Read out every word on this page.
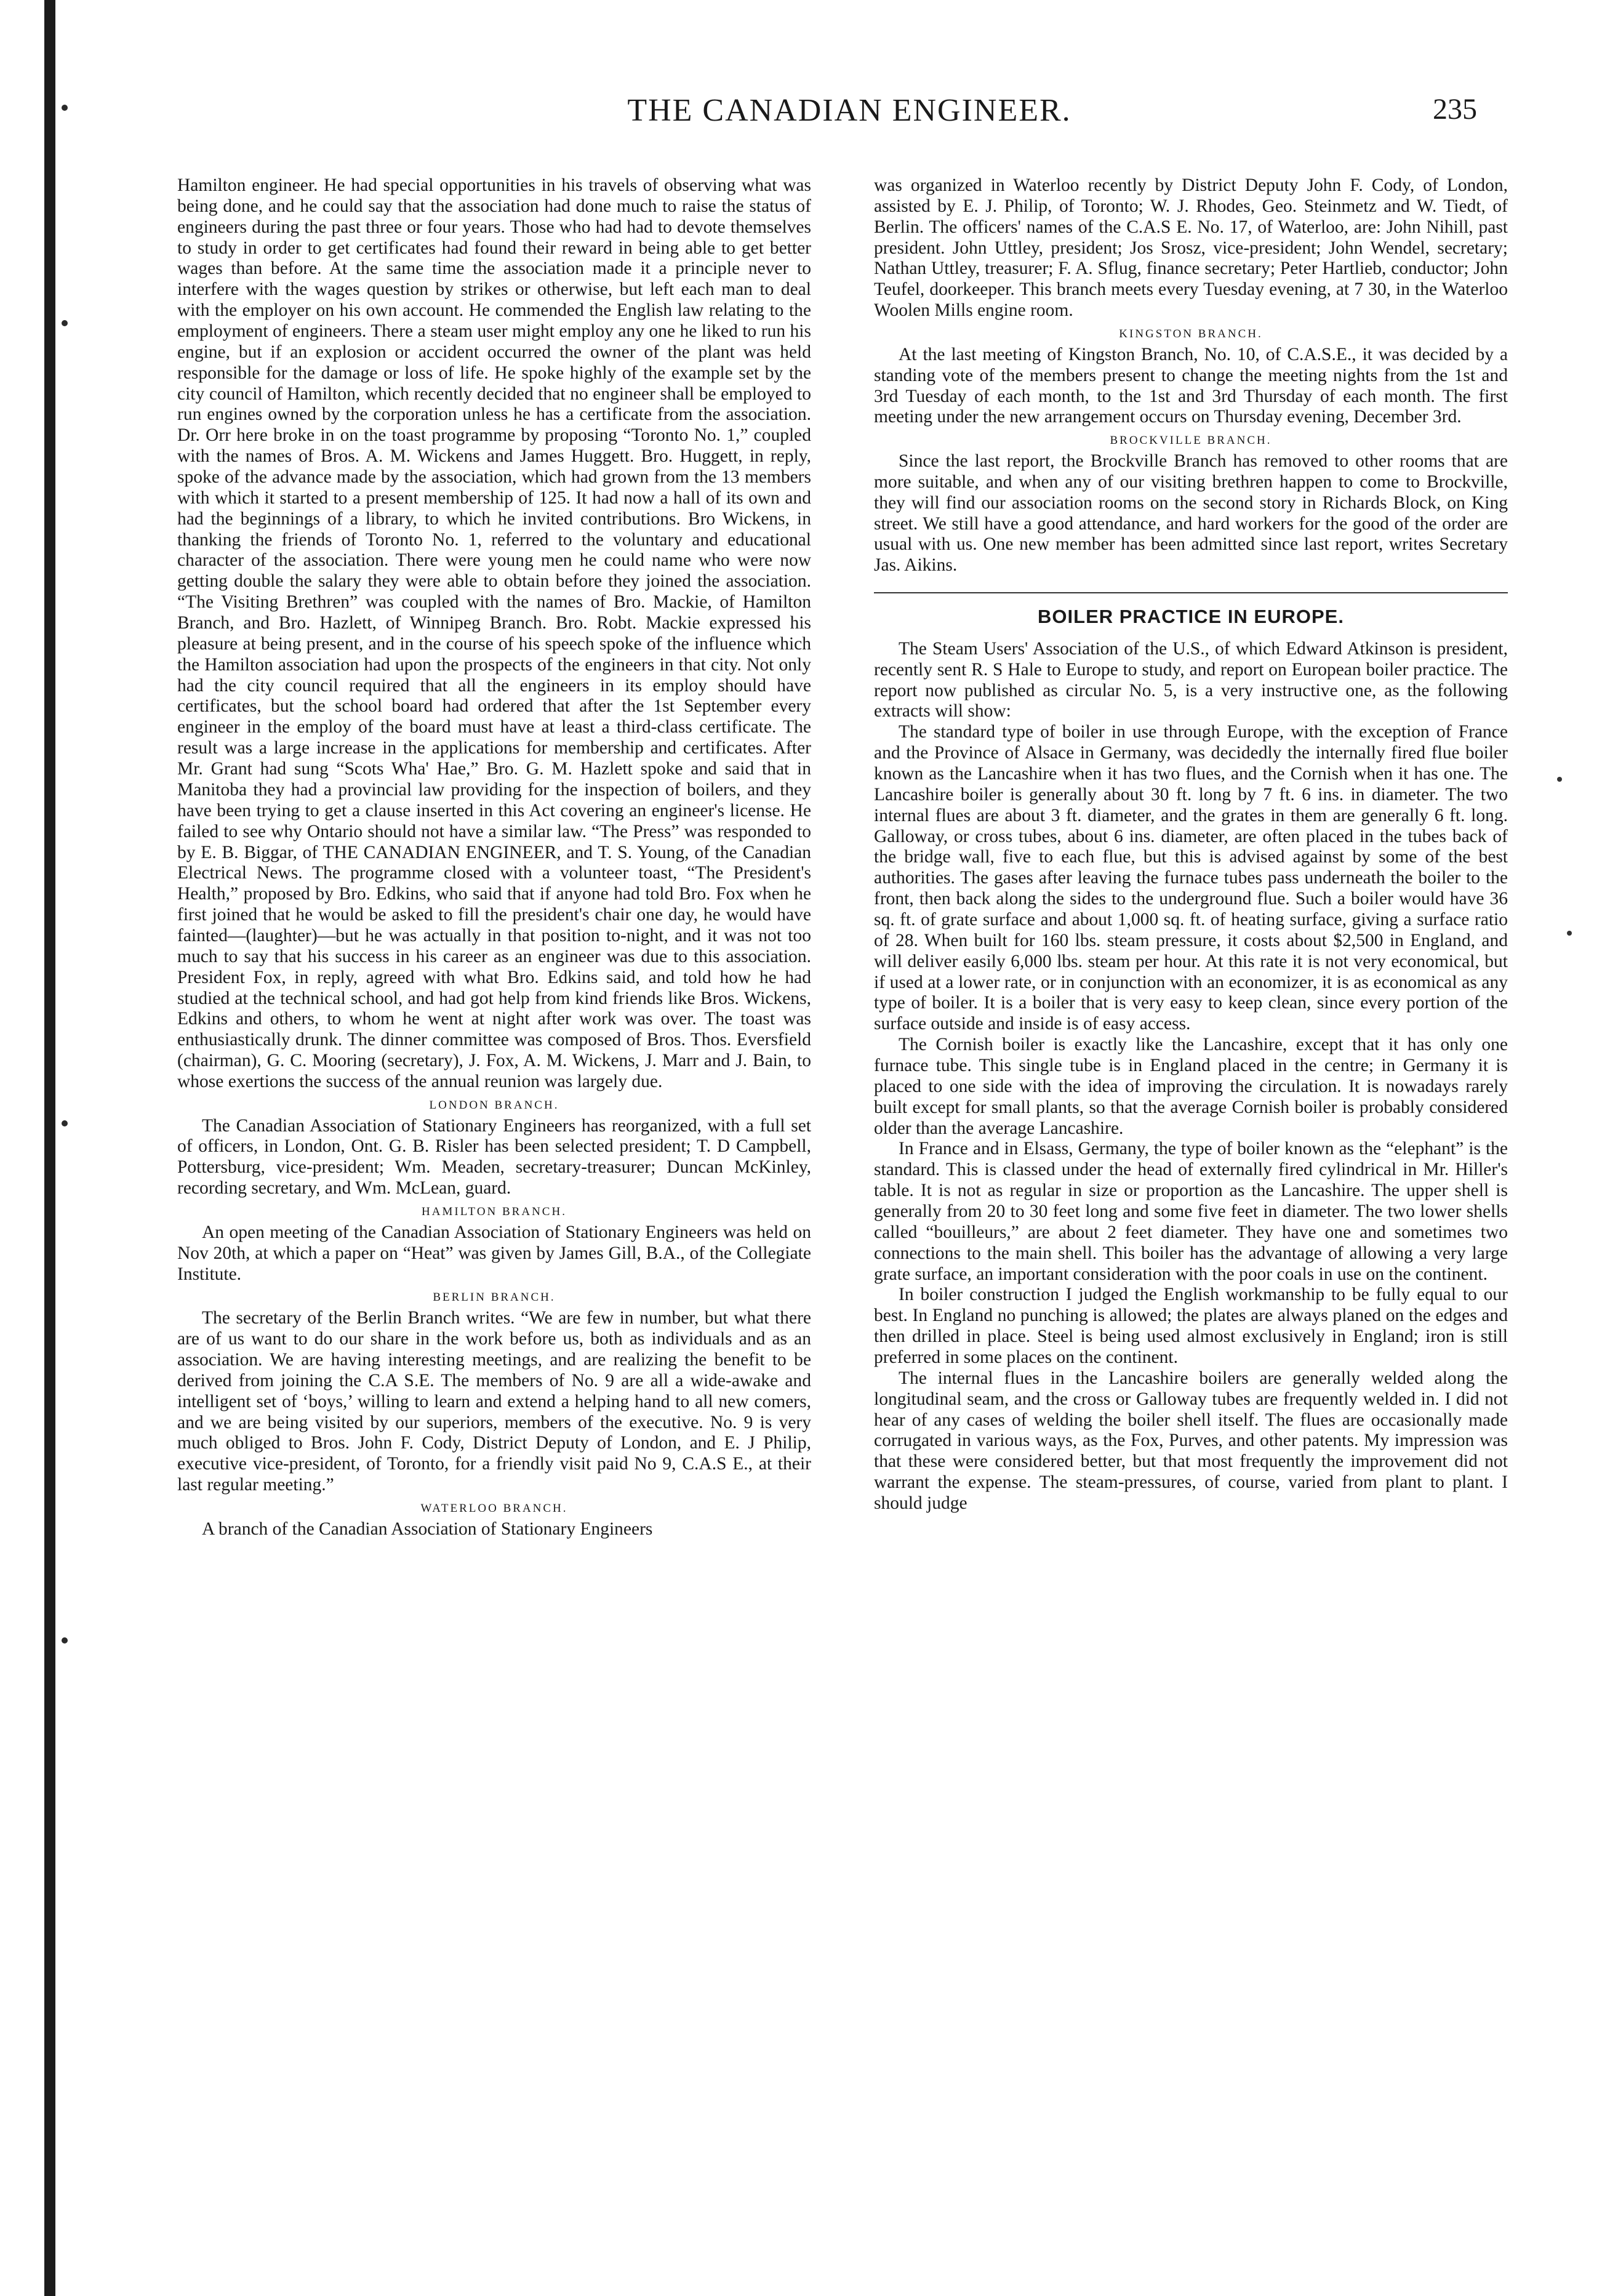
THE CANADIAN ENGINEER.	235

Hamilton engineer. He had special opportunities in his travels of observing what was being done, and he could say that the association had done much to raise the status of engineers during the past three or four years. Those who had had to devote themselves to study in order to get certificates had found their reward in being able to get better wages than before. At the same time the association made it a principle never to interfere with the wages question by strikes or otherwise, but left each man to deal with the employer on his own account. He commended the English law relating to the employment of engineers. There a steam user might employ any one he liked to run his engine, but if an explosion or accident occurred the owner of the plant was held responsible for the damage or loss of life. He spoke highly of the example set by the city council of Hamilton, which recently decided that no engineer shall be employed to run engines owned by the corporation unless he has a certificate from the association. Dr. Orr here broke in on the toast programme by proposing “Toronto No. 1,” coupled with the names of Bros. A. M. Wickens and James Huggett. Bro. Huggett, in reply, spoke of the advance made by the association, which had grown from the 13 members with which it started to a present membership of 125. It had now a hall of its own and had the beginnings of a library, to which he invited contributions. Bro Wickens, in thanking the friends of Toronto No. 1, referred to the voluntary and educational character of the association. There were young men he could name who were now getting double the salary they were able to obtain before they joined the association. “The Visiting Brethren” was coupled with the names of Bro. Mackie, of Hamilton Branch, and Bro. Hazlett, of Winnipeg Branch. Bro. Robt. Mackie expressed his pleasure at being present, and in the course of his speech spoke of the influence which the Hamilton association had upon the prospects of the engineers in that city. Not only had the city council required that all the engineers in its employ should have certificates, but the school board had ordered that after the 1st September every engineer in the employ of the board must have at least a third-class certificate. The result was a large increase in the applications for membership and certificates. After Mr. Grant had sung “Scots Wha' Hae,” Bro. G. M. Hazlett spoke and said that in Manitoba they had a provincial law providing for the inspection of boilers, and they have been trying to get a clause inserted in this Act covering an engineer's license. He failed to see why Ontario should not have a similar law. “The Press” was responded to by E. B. Biggar, of THE CANADIAN ENGINEER, and T. S. Young, of the Canadian Electrical News. The programme closed with a volunteer toast, “The President's Health,” proposed by Bro. Edkins, who said that if anyone had told Bro. Fox when he first joined that he would be asked to fill the president's chair one day, he would have fainted—(laughter)—but he was actually in that position to-night, and it was not too much to say that his success in his career as an engineer was due to this association. President Fox, in reply, agreed with what Bro. Edkins said, and told how he had studied at the technical school, and had got help from kind friends like Bros. Wickens, Edkins and others, to whom he went at night after work was over. The toast was enthusiastically drunk. The dinner committee was composed of Bros. Thos. Eversfield (chairman), G. C. Mooring (secretary), J. Fox, A. M. Wickens, J. Marr and J. Bain, to whose exertions the success of the annual reunion was largely due.

LONDON BRANCH.

The Canadian Association of Stationary Engineers has reorganized, with a full set of officers, in London, Ont. G. B. Risler has been selected president; T. D Campbell, Pottersburg, vice-president; Wm. Meaden, secretary-treasurer; Duncan McKinley, recording secretary, and Wm. McLean, guard.

HAMILTON BRANCH.

An open meeting of the Canadian Association of Stationary Engineers was held on Nov 20th, at which a paper on “Heat” was given by James Gill, B.A., of the Collegiate Institute.

BERLIN BRANCH.

The secretary of the Berlin Branch writes. “We are few in number, but what there are of us want to do our share in the work before us, both as individuals and as an association. We are having interesting meetings, and are realizing the benefit to be derived from joining the C.A S.E. The members of No. 9 are all a wide-awake and intelligent set of ‘boys,’ willing to learn and extend a helping hand to all new comers, and we are being visited by our superiors, members of the executive. No. 9 is very much obliged to Bros. John F. Cody, District Deputy of London, and E. J Philip, executive vice-president, of Toronto, for a friendly visit paid No 9, C.A.S E., at their last regular meeting.”

WATERLOO BRANCH.

A branch of the Canadian Association of Stationary Engineers

was organized in Waterloo recently by District Deputy John F. Cody, of London, assisted by E. J. Philip, of Toronto; W. J. Rhodes, Geo. Steinmetz and W. Tiedt, of Berlin. The officers' names of the C.A.S E. No. 17, of Waterloo, are: John Nihill, past president. John Uttley, president; Jos Srosz, vice-president; John Wendel, secretary; Nathan Uttley, treasurer; F. A. Sflug, finance secretary; Peter Hartlieb, conductor; John Teufel, doorkeeper. This branch meets every Tuesday evening, at 7 30, in the Waterloo Woolen Mills engine room.

KINGSTON BRANCH.

At the last meeting of Kingston Branch, No. 10, of C.A.S.E., it was decided by a standing vote of the members present to change the meeting nights from the 1st and 3rd Tuesday of each month, to the 1st and 3rd Thursday of each month. The first meeting under the new arrangement occurs on Thursday evening, December 3rd.

BROCKVILLE BRANCH.

Since the last report, the Brockville Branch has removed to other rooms that are more suitable, and when any of our visiting brethren happen to come to Brockville, they will find our association rooms on the second story in Richards Block, on King street. We still have a good attendance, and hard workers for the good of the order are usual with us. One new member has been admitted since last report, writes Secretary Jas. Aikins.

BOILER PRACTICE IN EUROPE.

The Steam Users' Association of the U.S., of which Edward Atkinson is president, recently sent R. S Hale to Europe to study, and report on European boiler practice. The report now published as circular No. 5, is a very instructive one, as the following extracts will show:

The standard type of boiler in use through Europe, with the exception of France and the Province of Alsace in Germany, was decidedly the internally fired flue boiler known as the Lancashire when it has two flues, and the Cornish when it has one. The Lancashire boiler is generally about 30 ft. long by 7 ft. 6 ins. in diameter. The two internal flues are about 3 ft. diameter, and the grates in them are generally 6 ft. long. Galloway, or cross tubes, about 6 ins. diameter, are often placed in the tubes back of the bridge wall, five to each flue, but this is advised against by some of the best authorities. The gases after leaving the furnace tubes pass underneath the boiler to the front, then back along the sides to the underground flue. Such a boiler would have 36 sq. ft. of grate surface and about 1,000 sq. ft. of heating surface, giving a surface ratio of 28. When built for 160 lbs. steam pressure, it costs about $2,500 in England, and will deliver easily 6,000 lbs. steam per hour. At this rate it is not very economical, but if used at a lower rate, or in conjunction with an economizer, it is as economical as any type of boiler. It is a boiler that is very easy to keep clean, since every portion of the surface outside and inside is of easy access.

The Cornish boiler is exactly like the Lancashire, except that it has only one furnace tube. This single tube is in England placed in the centre; in Germany it is placed to one side with the idea of improving the circulation. It is nowadays rarely built except for small plants, so that the average Cornish boiler is probably considered older than the average Lancashire.

In France and in Elsass, Germany, the type of boiler known as the “elephant” is the standard. This is classed under the head of externally fired cylindrical in Mr. Hiller's table. It is not as regular in size or proportion as the Lancashire. The upper shell is generally from 20 to 30 feet long and some five feet in diameter. The two lower shells called “bouilleurs,” are about 2 feet diameter. They have one and sometimes two connections to the main shell. This boiler has the advantage of allowing a very large grate surface, an important consideration with the poor coals in use on the continent.

In boiler construction I judged the English workmanship to be fully equal to our best. In England no punching is allowed; the plates are always planed on the edges and then drilled in place. Steel is being used almost exclusively in England; iron is still preferred in some places on the continent.

The internal flues in the Lancashire boilers are generally welded along the longitudinal seam, and the cross or Galloway tubes are frequently welded in. I did not hear of any cases of welding the boiler shell itself. The flues are occasionally made corrugated in various ways, as the Fox, Purves, and other patents. My impression was that these were considered better, but that most frequently the improvement did not warrant the expense. The steam-pressures, of course, varied from plant to plant. I should judge
